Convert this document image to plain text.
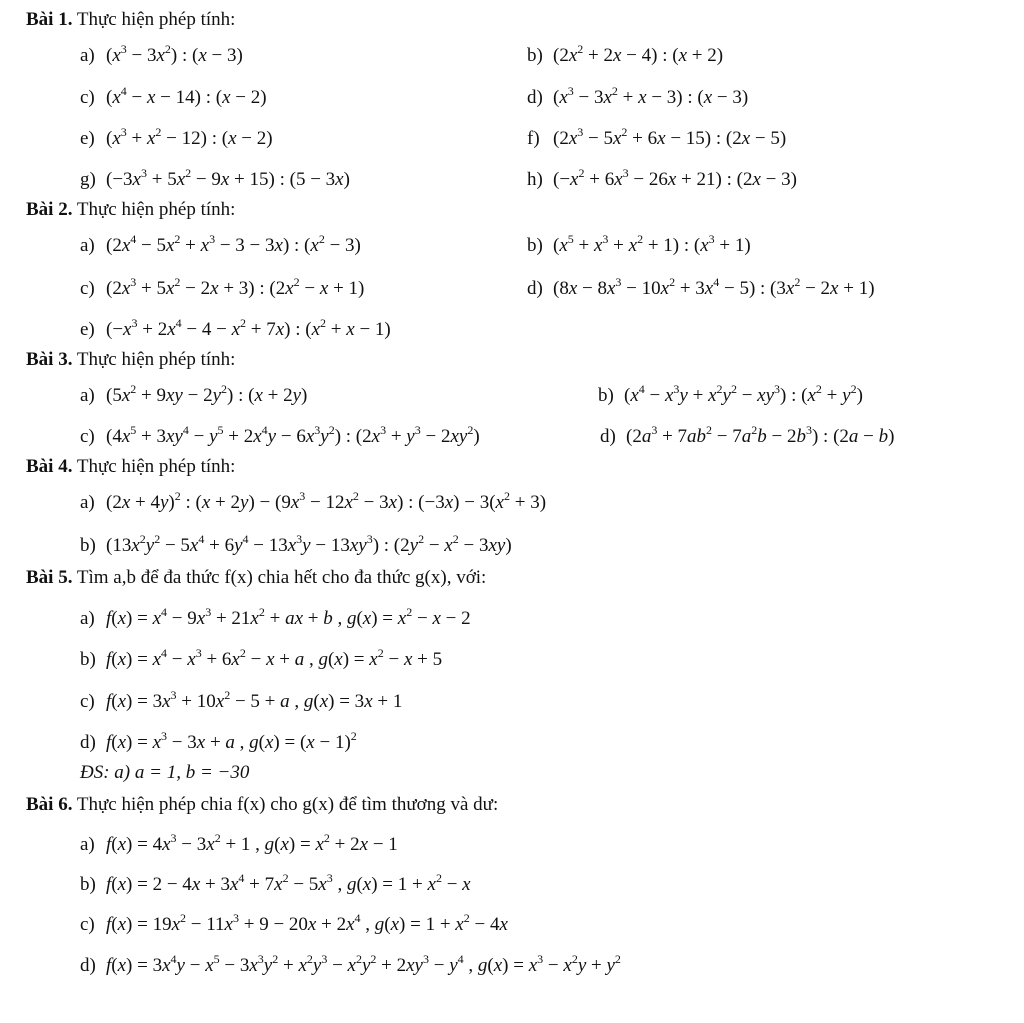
Bài 1. Thực hiện phép tính:
a) $(x^3 - 3x^2)$ : (x − 3)	b) $(2x^2 + 2x - 4)$ : (x + 2)
c) $(x^4 - x - 14)$ : (x − 2)	d) $(x^3 - 3x^2 + x - 3)$ : (x − 3)
e) $(x^3 + x^2 - 12)$ : (x − 2)	f) $(2x^3 - 5x^2 + 6x - 15)$ : (2x − 5)
g) $(-3x^3 + 5x^2 - 9x + 15)$ : (5 − 3x)	h) $(-x^2 + 6x^3 - 26x + 21)$ : (2x − 3)
Bài 2. Thực hiện phép tính:
a) $(2x^4 - 5x^2 + x^3 - 3 - 3x)$ : $(x^2 - 3)$	b) $(x^5 + x^3 + x^2 + 1)$ : $(x^3 + 1)$
c) $(2x^3 + 5x^2 - 2x + 3)$ : $(2x^2 - x + 1)$	d) $(8x - 8x^3 - 10x^2 + 3x^4 - 5)$ : $(3x^2 - 2x + 1)$
e) $(-x^3 + 2x^4 - 4 - x^2 + 7x)$ : $(x^2 + x - 1)$
Bài 3. Thực hiện phép tính:
a) $(5x^2 + 9xy - 2y^2)$ : (x + 2y)	b) $(x^4 - x^3y + x^2y^2 - xy^3)$ : $(x^2 + y^2)$
c) $(4x^5 + 3xy^4 - y^5 + 2x^4y - 6x^3y^2)$ : $(2x^3 + y^3 - 2xy^2)$	d) $(2a^3 + 7ab^2 - 7a^2b - 2b^3)$ : (2a − b)
Bài 4. Thực hiện phép tính:
a) $(2x + 4y)^2$ : $(x + 2y) - (9x^3 - 12x^2 - 3x)$ : $(-3x) - 3(x^2 + 3)$
b) $(13x^2y^2 - 5x^4 + 6y^4 - 13x^3y - 13xy^3)$ : $(2y^2 - x^2 - 3xy)$
Bài 5. Tìm a,b để đa thức f(x) chia hết cho đa thức g(x), với:
a) $f(x) = x^4 - 9x^3 + 21x^2$ + ax + b , $g(x) = x^2 - x - 2$
b) $f(x) = x^4 - x^3 + 6x^2 - x + a$ , $g(x) = x^2 - x + 5$
c) $f(x) = 3x^3 + 10x^2 - 5 + a$ , g(x) = 3x + 1
d) $f(x) = x^3 - 3x + a$ , $g(x) = (x - 1)^2$
ĐS: a) a = 1, b = −30
Bài 6. Thực hiện phép chia f(x) cho g(x) để tìm thương và dư:
a) $f(x) = 4x^3 - 3x^2 + 1$ , $g(x) = x^2 + 2x - 1$
b) $f(x) = 2 - 4x + 3x^4 + 7x^2 - 5x^3$ , $g(x) = 1 + x^2 - x$
c) $f(x) = 19x^2 - 11x^3 + 9 - 20x + 2x^4$ , $g(x) = 1 + x^2 - 4x$
d) $f(x) = 3x^4y - x^5 - 3x^3y^2 + x^2y^3 - x^2y^2 + 2xy^3 - y^4$ , $g(x) = x^3 - x^2y + y^2$
